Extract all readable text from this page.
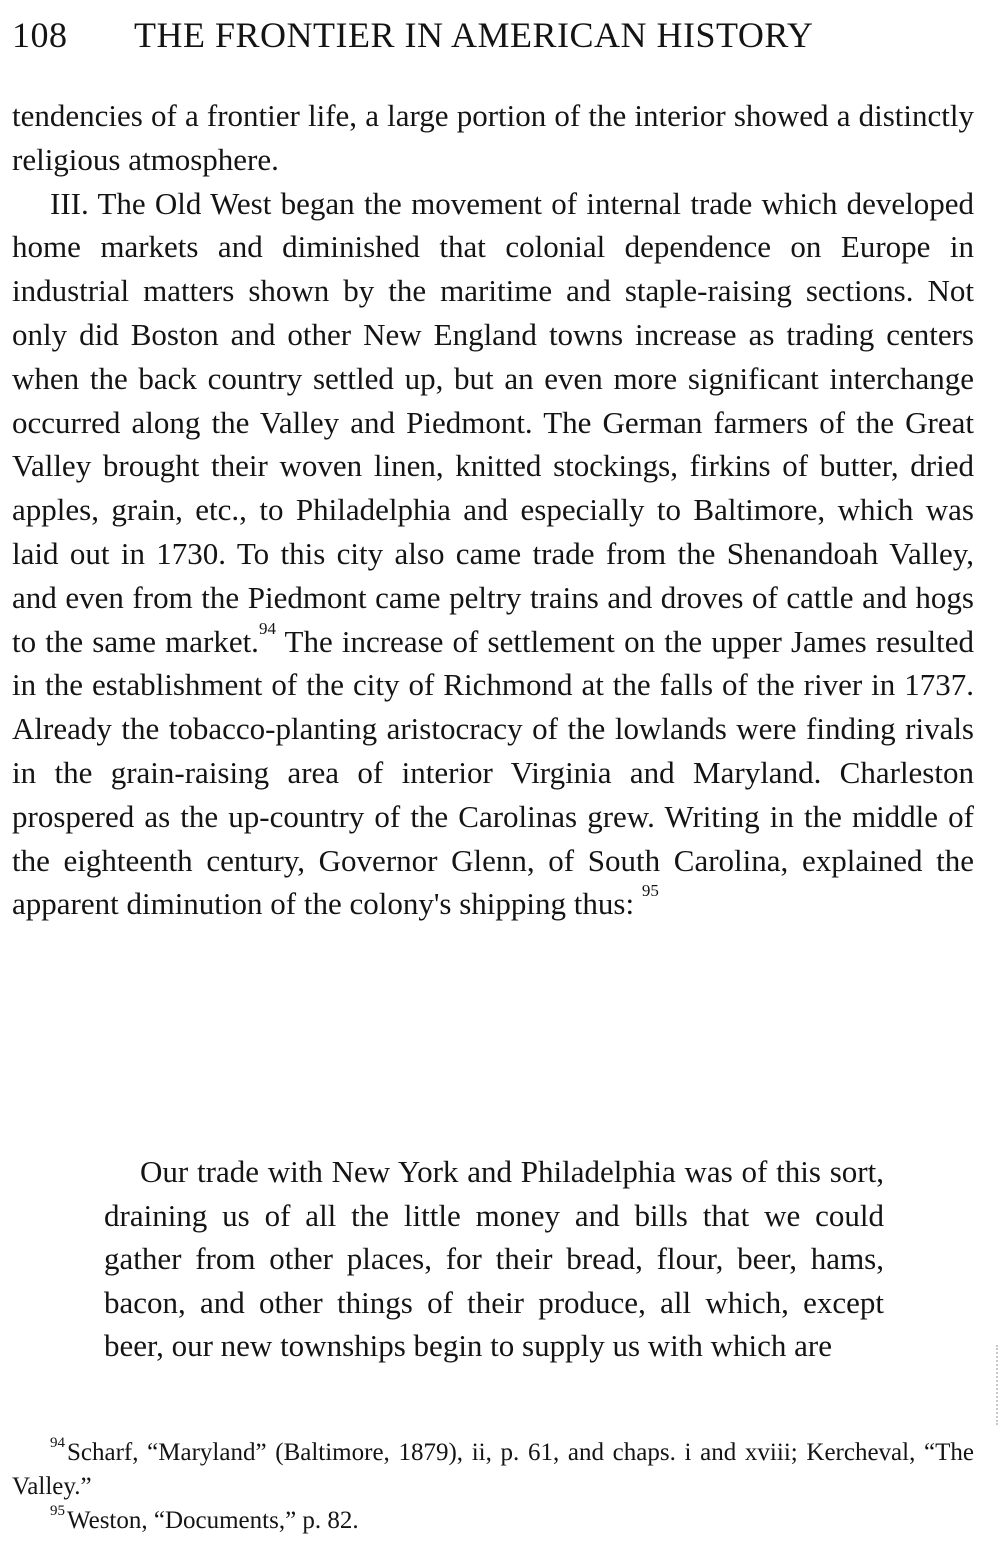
108 THE FRONTIER IN AMERICAN HISTORY

tendencies of a frontier life, a large portion of the interior showed a distinctly religious atmosphere.

III. The Old West began the movement of internal trade which developed home markets and diminished that colonial dependence on Europe in industrial matters shown by the maritime and staple-raising sections. Not only did Boston and other New England towns increase as trading centers when the back country settled up, but an even more significant interchange occurred along the Valley and Piedmont. The German farmers of the Great Valley brought their woven linen, knitted stockings, firkins of butter, dried apples, grain, etc., to Philadelphia and especially to Baltimore, which was laid out in 1730. To this city also came trade from the Shenandoah Valley, and even from the Piedmont came peltry trains and droves of cattle and hogs to the same market.$^{94}$ The increase of settlement on the upper James resulted in the establishment of the city of Richmond at the falls of the river in 1737. Already the tobacco-planting aristocracy of the lowlands were finding rivals in the grain-raising area of interior Virginia and Maryland. Charleston prospered as the up-country of the Carolinas grew. Writing in the middle of the eighteenth century, Governor Glenn, of South Carolina, explained the apparent diminution of the colony's shipping thus: $^{95}$

Our trade with New York and Philadelphia was of this sort, draining us of all the little money and bills that we could gather from other places, for their bread, flour, beer, hams, bacon, and other things of their produce, all which, except beer, our new townships begin to supply us with which are

$^{94}$Scharf, “Maryland” (Baltimore, 1879), ii, p. 61, and chaps. i and xviii; Kercheval, “The Valley.”

$^{95}$Weston, “Documents,” p. 82.
